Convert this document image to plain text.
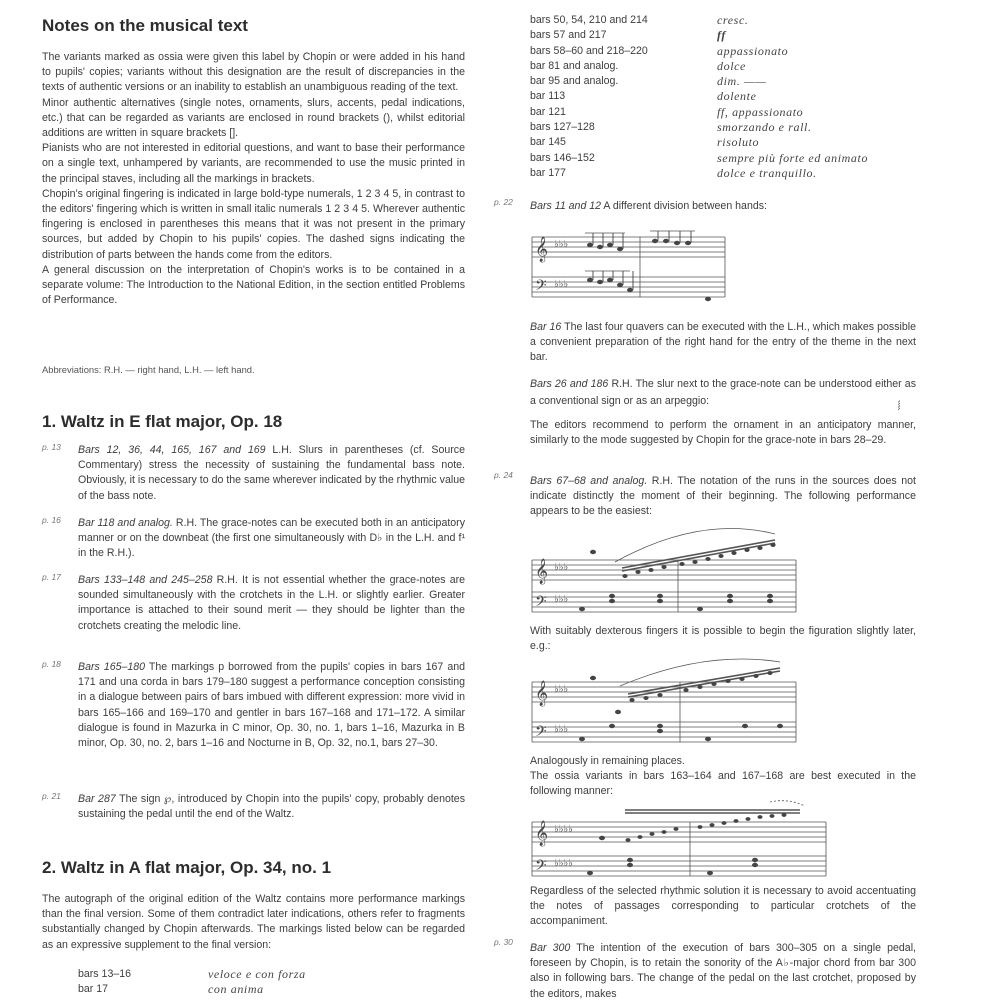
Notes on the musical text

The variants marked as ossia were given this label by Chopin or were added in his hand to pupils' copies; variants without this designation are the result of discrepancies in the texts of authentic versions or an inability to establish an unambiguous reading of the text.

Minor authentic alternatives (single notes, ornaments, slurs, accents, pedal indications, etc.) that can be regarded as variants are enclosed in round brackets (), whilst editorial additions are written in square brackets [].

Pianists who are not interested in editorial questions, and want to base their performance on a single text, unhampered by variants, are recommended to use the music printed in the principal staves, including all the markings in brackets.

Chopin's original fingering is indicated in large bold-type numerals, 1 2 3 4 5, in contrast to the editors' fingering which is written in small italic numerals 1 2 3 4 5. Wherever authentic fingering is enclosed in parentheses this means that it was not present in the primary sources, but added by Chopin to his pupils' copies. The dashed signs indicating the distribution of parts between the hands come from the editors.

A general discussion on the interpretation of Chopin's works is to be contained in a separate volume: The Introduction to the National Edition, in the section entitled Problems of Performance.

Abbreviations: R.H. — right hand, L.H. — left hand.

1. Waltz in E flat major, Op. 18
p. 13	Bars 12, 36, 44, 165, 167 and 169 L.H. Slurs in parentheses (cf. Source Commentary) stress the necessity of sustaining the fundamental bass note. Obviously, it is necessary to do the same wherever indicated by the rhythmic value of the bass note.

p. 16	Bar 118 and analog. R.H. The grace-notes can be executed both in an anticipatory manner or on the downbeat (the first one simultaneously with D♭ in the L.H. and f¹ in the R.H.).

p. 17	Bars 133–148 and 245–258 R.H. It is not essential whether the grace-notes are sounded simultaneously with the crotchets in the L.H. or slightly earlier. Greater importance is attached to their sound merit — they should be lighter than the crotchets creating the melodic line.

p. 18	Bars 165–180 The markings p borrowed from the pupils' copies in bars 167 and 171 and una corda in bars 179–180 suggest a performance conception consisting in a dialogue between pairs of bars imbued with different expression: more vivid in bars 165–166 and 169–170 and gentler in bars 167–168 and 171–172. A similar dialogue is found in Mazurka in C minor, Op. 30, no. 1, bars 1–16, Mazurka in B minor, Op. 30, no. 2, bars 1–16 and Nocturne in B, Op. 32, no.1, bars 27–30.

p. 21	Bar 287 The sign ℘, introduced by Chopin into the pupils' copy, probably denotes sustaining the pedal until the end of the Waltz.

2. Waltz in A flat major, Op. 34, no. 1

The autograph of the original edition of the Waltz contains more performance markings than the final version. Some of them contradict later indications, others refer to fragments substantially changed by Chopin afterwards. The markings listed below can be regarded as an expressive supplement to the final version:

bars 13–16	veloce e con forza
bar 17	con anima
bars 50, 54, 210 and 214	cresc.
bars 57 and 217	ff
bars 58–60 and 218–220	appassionato
bar 81 and analog.	dolce
bar 95 and analog.	dim. ——
bar 113	dolente
bar 121	ff, appassionato
bars 127–128	smorzando e rall.
bar 145	risoluto
bars 146–152	sempre più forte ed animato
bar 177	dolce e tranquillo.
p. 22	Bars 11 and 12 A different division between hands:

𝄞
𝄢
♭♭♭
♭♭♭

Bar 16 The last four quavers can be executed with the L.H., which makes possible a convenient preparation of the right hand for the entry of the theme in the next bar.

Bars 26 and 186 R.H. The slur next to the grace-note can be understood either as a conventional sign or as an arpeggio:	𝆃

The editors recommend to perform the ornament in an anticipatory manner, similarly to the mode suggested by Chopin for the grace-note in bars 28–29.

p. 24	Bars 67–68 and analog. R.H. The notation of the runs in the sources does not indicate distinctly the moment of their beginning. The following performance appears to be the easiest:

𝄞
𝄢
♭♭♭
♭♭♭

With suitably dexterous fingers it is possible to begin the figuration slightly later, e.g.:

𝄞
𝄢
♭♭♭
♭♭♭

Analogously in remaining places.

The ossia variants in bars 163–164 and 167–168 are best executed in the following manner:

𝄞
𝄢
♭♭♭♭
♭♭♭♭

Regardless of the selected rhythmic solution it is necessary to avoid accentuating the notes of passages corresponding to particular crotchets of the accompaniment.

p. 30	Bar 300 The intention of the execution of bars 300–305 on a single pedal, foreseen by Chopin, is to retain the sonority of the A♭-major chord from bar 300 also in following bars. The change of the pedal on the last crotchet, proposed by the editors, makes
